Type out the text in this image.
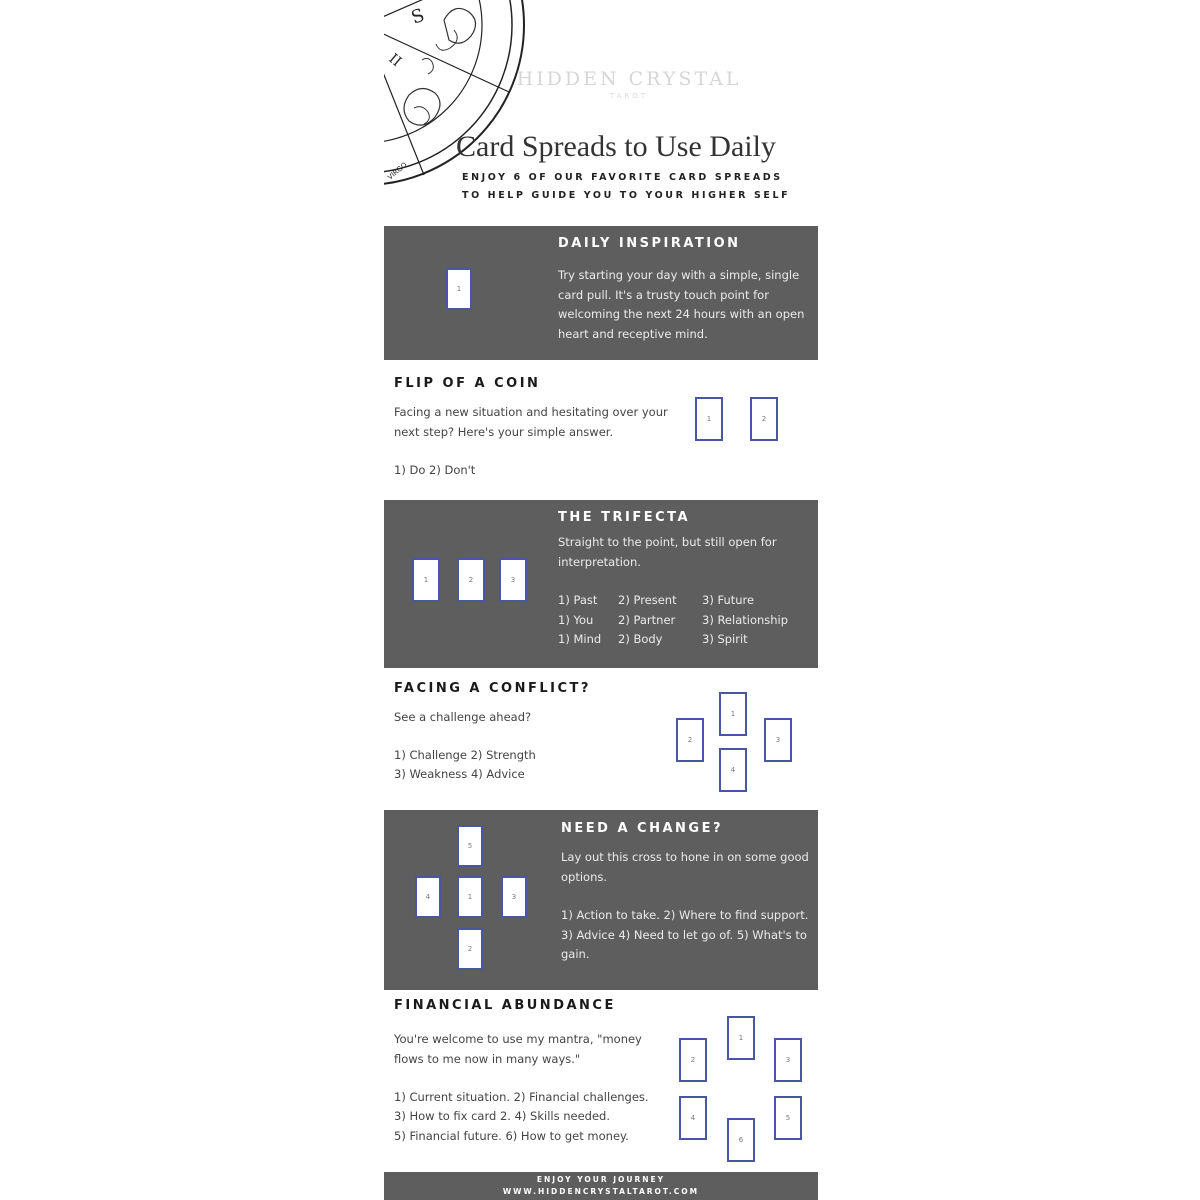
S
II
VIRGO
HIDDEN CRYSTAL
TAROT
Card Spreads to Use Daily
ENJOY 6 OF OUR FAVORITE CARD SPREADS
TO HELP GUIDE YOU TO YOUR HIGHER SELF
DAILY INSPIRATION
1
Try starting your day with a simple, single card pull. It's a trusty touch point for welcoming the next 24 hours with an open heart and receptive mind.
FLIP OF A COIN
Facing a new situation and hesitating over your next step? Here's your simple answer.
1) Do 2) Don't
1	2
THE TRIFECTA
1	2	3
Straight to the point, but still open for interpretation.
1) Past	2) Present	3) Future
1) You	2) Partner	3) Relationship
1) Mind	2) Body	3) Spirit
FACING A CONFLICT?
See a challenge ahead?
1) Challenge 2) Strength
3) Weakness 4) Advice
1
2	3
4
NEED A CHANGE?
Lay out this cross to hone in on some good options.
1) Action to take. 2) Where to find support. 3) Advice 4) Need to let go of. 5) What's to gain.
1
2
3
4
5
FINANCIAL ABUNDANCE
You're welcome to use my mantra, "money flows to me now in many ways."
1) Current situation. 2) Financial challenges.
3) How to fix card 2. 4) Skills needed.
5) Financial future. 6) How to get money.
1
2	3
4	5
6
ENJOY YOUR JOURNEY
WWW.HIDDENCRYSTALTAROT.COM
